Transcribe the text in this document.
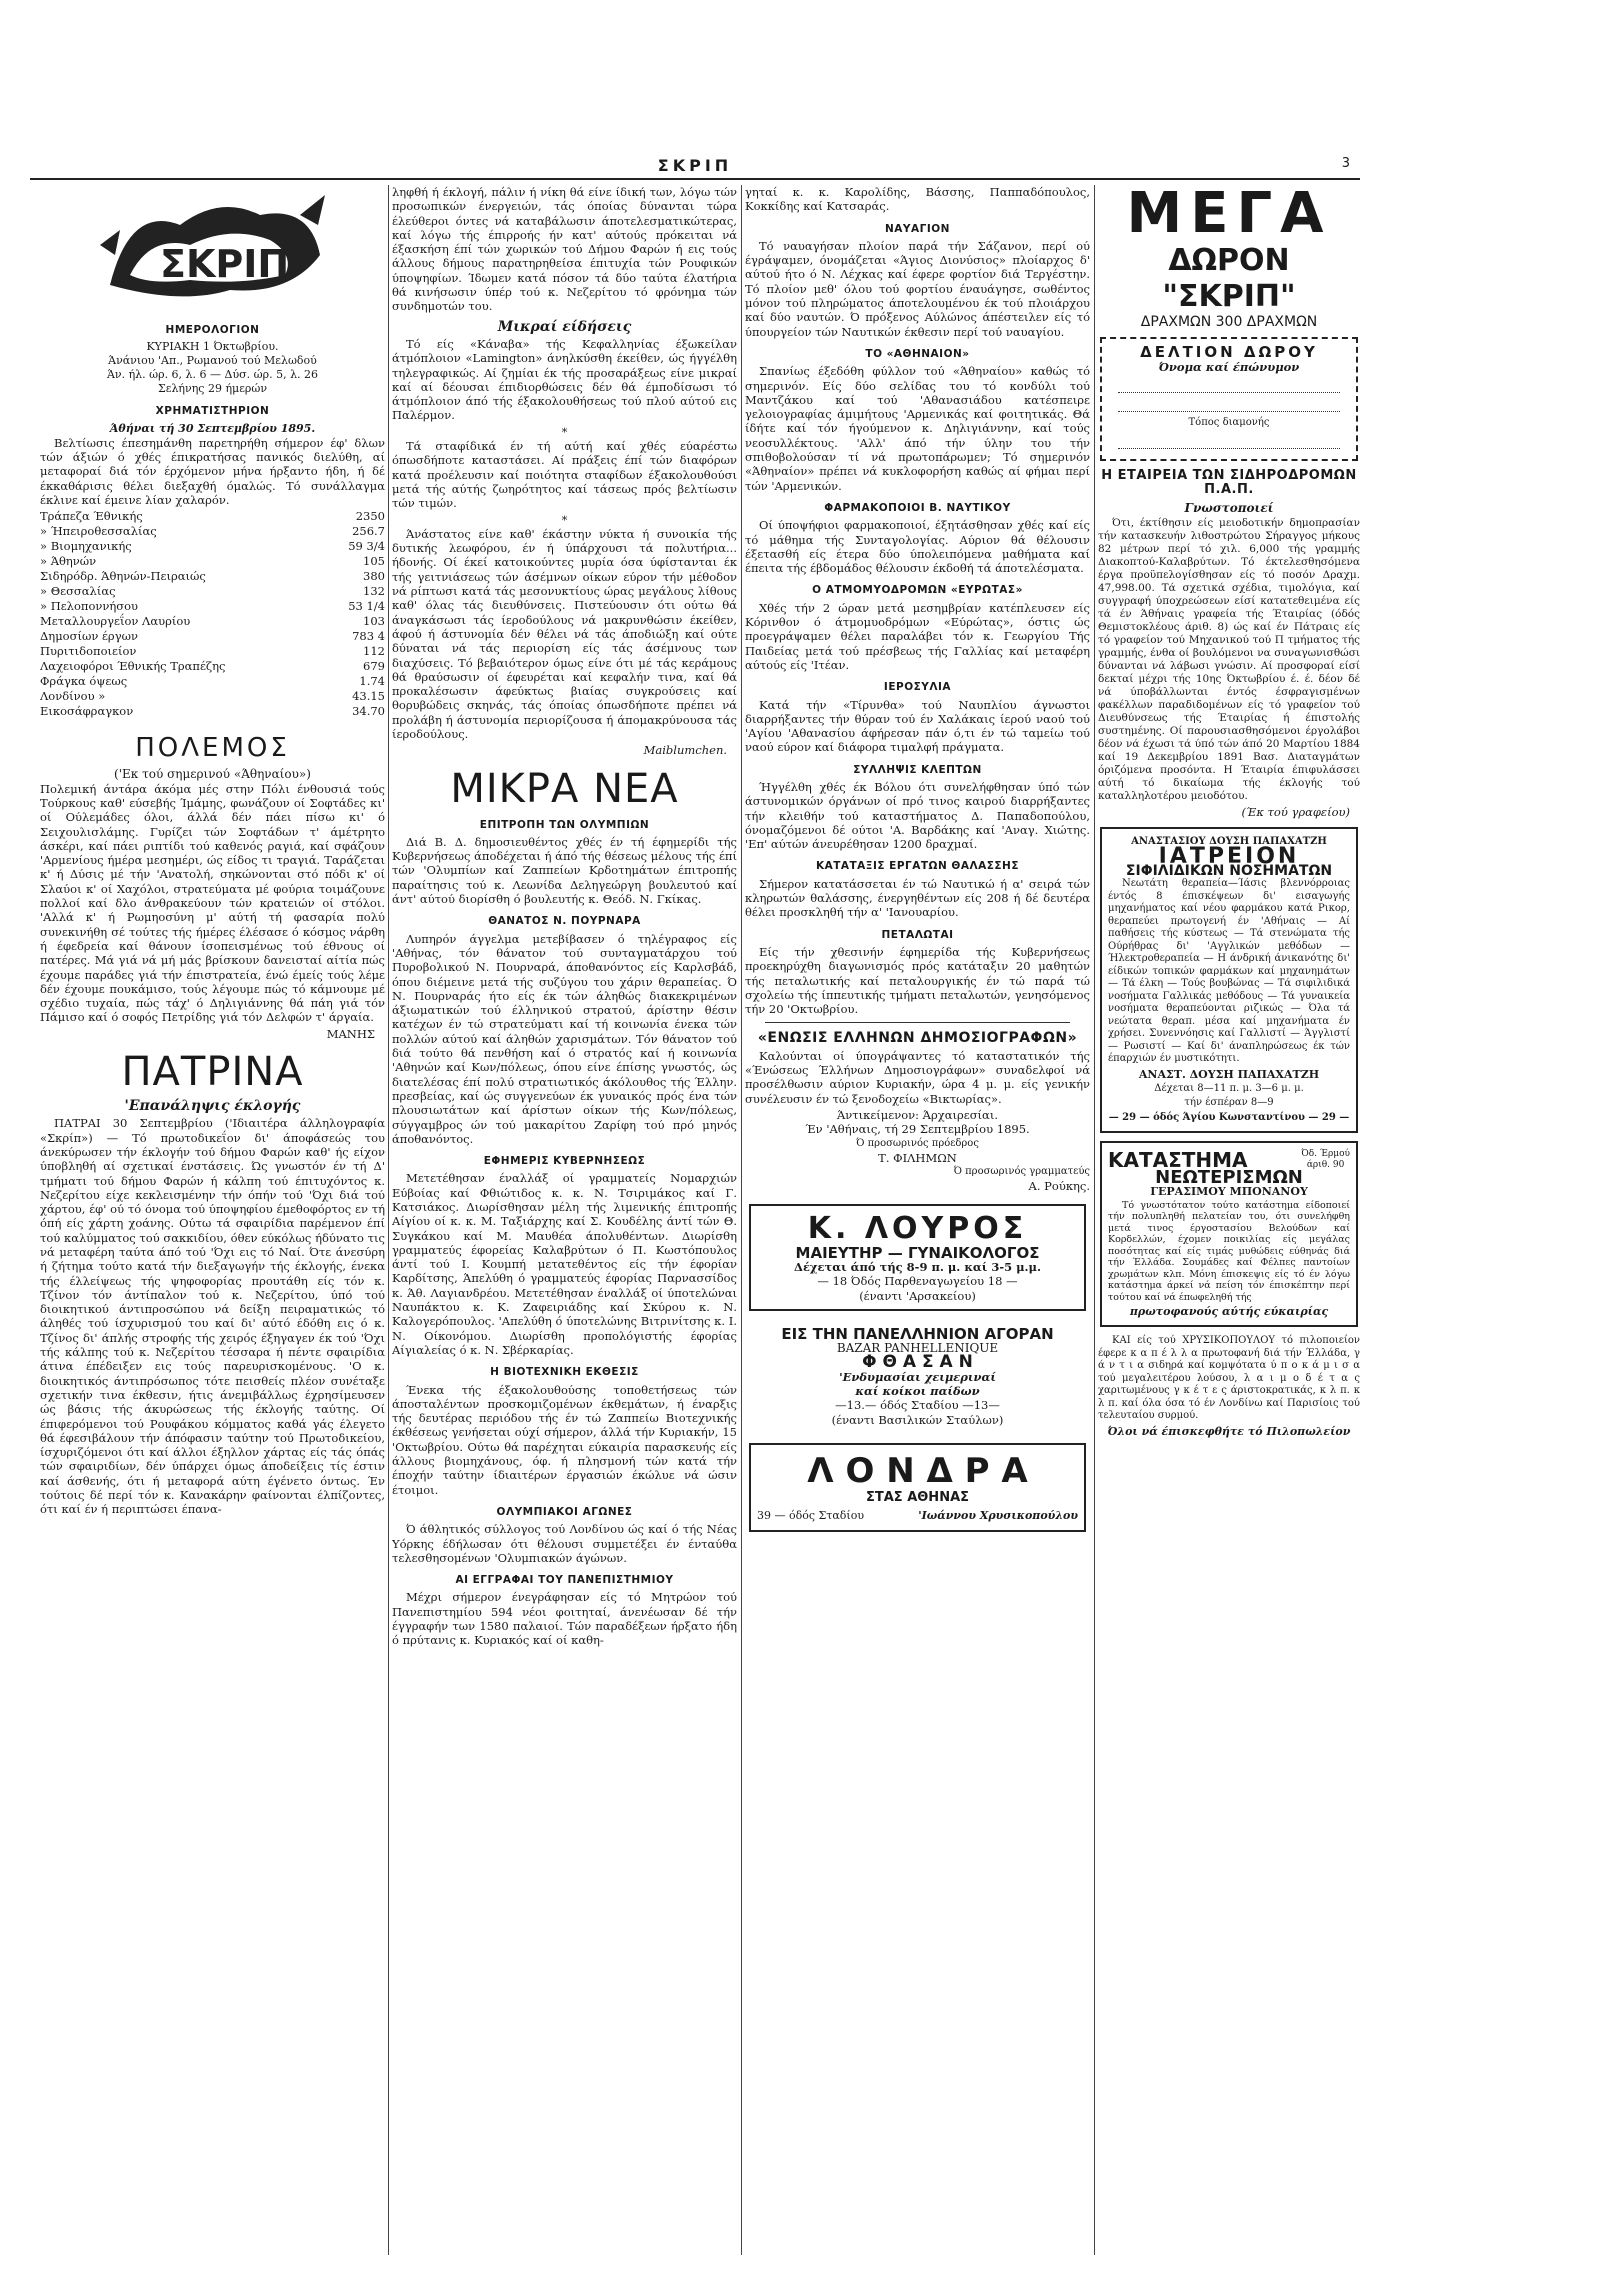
ΣΚΡΙΠ	3
ΣΚΡΙΠ
ΗΜΕΡΟΛΟΓΙΟΝ
ΚΥΡΙΑΚΗ 1 Όκτωβρίου.
Άνάνιου 'Απ., Ρωμανού τού Μελωδού
Άν. ήλ. ώρ. 6, λ. 6 — Δύσ. ώρ. 5, λ. 26
Σελήνης 29 ήμερών
ΧΡΗΜΑΤΙΣΤΗΡΙΟΝ
Άθήναι τή 30 Σεπτεμβρίου 1895.

Βελτίωσις έπεσημάνθη παρετηρήθη σήμερον έφ' δλων τών άξιών ό χθές έπικρατήσας πανικός διελύθη, αί μεταφοραί διά τόν έρχόμενον μήνα ήρξαντο ήδη, ή δέ έκκαθάρισις θέλει διεξαχθή όμαλώς. Τό συνάλλαγμα έκλινε καί έμεινε λίαν χαλαρόν.

Τράπεζα Έθνικής	2350
» Ήπειροθεσσαλίας	256.7
» Βιομηχανικής	59 3/4
» Άθηνών	105
Σιδηρόδρ. Άθηνών-Πειραιώς	380
» Θεσσαλίας	132
» Πελοποννήσου	53 1/4
Μεταλλουργεΐον Λαυρίου	103
Δημοσίων έργων	783 4
Πυριτιδοποιείον	112
Λαχειοφόροι Έθνικής Τραπέζης	679
Φράγκα όψεως	1.74
Λονδίνου »	43.15
Εικοσάφραγκον	34.70
ΠΟΛΕΜΟΣ
('Εκ τού σημερινού «Άθηναίου»)

Πολεμική άντάρα άκόμα μές στην Πόλι ένθουσιά τούς Τούρκους καθ' εύσεβής Ίμάμης, φωνάζουν οί Σοφτάδες κι' οί Ούλεμάδες όλοι, άλλά δέν πάει πίσω κι' ό Σειχουλισλάμης. Γυρίζει τών Σοφτάδων τ' άμέτρητο άσκέρι, καί πάει ριπτίδι τού καθενός ραγιά, καί σφάζουν 'Αρμενίους ήμέρα μεσημέρι, ώς είδος τι τραγιά. Ταράζεται κ' ή Δύσις μέ τήν 'Ανατολή, σηκώνονται στό πόδι κ' οί Σλαύοι κ' οί Χαχόλοι, στρατεύματα μέ φούρια τοιμάζουνε πολλοί καί δλο άνθρακεύουν τών κρατειών οί στόλοι. 'Αλλά κ' ή Ρωμηοσύνη μ' αύτή τή φασαρία πολύ συνεκινήθη σέ τούτες τής ήμέρες έλέσασε ό κόσμος νάρθη ή έφεδρεία καί θάνουν ίσοπεισμένως τού έθνους οί πατέρες. Μά γιά νά μή μάς βρίσκουν δανεισταί αίτία πώς έχουμε παράδες γιά τήν έπιστρατεία, ένώ έμείς τούς λέμε δέν έχουμε πουκάμισο, τούς λέγουμε πώς τό κάμνουμε μέ σχέδιο τυχαία, πώς τάχ' ό Δηλιγιάννης θά πάη γιά τόν Πάμισο καί ό σοφός Πετρίδης γιά τόν Δελφών τ' άργαία.

ΜΑΝΗΣ
ΠΑΤΡΙΝΑ
'Επανάληψις έκλογής

ΠΑΤΡΑΙ 30 Σεπτεμβρίου ('Ιδιαιτέρα άλληλογραφία «Σκρίπ») — Τό πρωτοδικεΐον δι' άποφάσεώς του άνεκύρωσεν τήν έκλογήν τού δήμου Φαρών καθ' ής είχον ύποβληθή αί σχετικαί ένστάσεις. Ώς γνωστόν έν τή Δ' τμήματι τού δήμου Φαρών ή κάλπη τού έπιτυχόντος κ. Νεζερίτου είχε κεκλεισμένην τήν όπήν τού 'Όχι διά τού χάρτου, έφ' ού τό όνομα τού ύποψηφίου έμεθοφόρτος εν τή όπή είς χάρτη χοάνης. Ούτω τά σφαιρίδια παρέμενον έπί τού καλύμματος τού σακκιδίου, όθεν εύκόλως ήδύνατο τις νά μεταφέρη ταύτα άπό τού 'Όχι εις τό Ναί. Ότε άνεσύρη ή ζήτημα τούτο κατά τήν διεξαγωγήν τής έκλογής, ένεκα τής έλλείψεως τής ψηφοφορίας προυτάθη είς τόν κ. Τζίνον τόν άντίπαλον τού κ. Νεζερίτου, ύπό τού διοικητικού άντιπροσώπου νά δείξη πειραματικώς τό άληθές τού ίσχυρισμού του καί δι' αύτό έδόθη εις ό κ. Τζίνος δι' άπλής στροφής τής χειρός έξηγαγεν έκ τού 'Όχι τής κάλπης τού κ. Νεζερίτου τέσσαρα ή πέντε σφαιρίδια άτινα έπέδειξεν εις τούς παρευρισκομένους. 'Ο κ. διοικητικός άντιπρόσωπος τότε πεισθείς πλέον συνέταξε σχετικήν τινα έκθεσιν, ήτις άνεμιβάλλως έχρησίμευσεν ώς βάσις τής άκυρώσεως τής έκλογής ταύτης. Οί έπιφερόμενοι τού Ρουφάκου κόμματος καθά γάς έλεγετο θά έφεσιβάλουν τήν άπόφασιν ταύτην τού Πρωτοδικείου, ίσχυριζόμενοι ότι καί άλλοι έξηλλον χάρτας είς τάς όπάς τών σφαιριδίων, δέν ύπάρχει όμως άποδείξεις τίς έστιν καί άσθενής, ότι ή μεταφορά αύτη έγένετο όντως. Έν τούτοις δέ περί τόν κ. Κανακάρην φαίνονται έλπίζοντες, ότι καί έν ή περιπτώσει έπανα-

ληφθή ή έκλογή, πάλιν ή νίκη θά είνε ίδική των, λόγω τών προσωπικών ένεργειών, τάς όποίας δύνανται τώρα έλεύθεροι όντες νά καταβάλωσιν άποτελεσματικώτερας, καί λόγω τής έπιρροής ήν κατ' αύτούς πρόκειται νά έξασκήση έπί τών χωρικών τού Δήμου Φαρών ή εις τούς άλλους δήμους παρατηρηθείσα έπιτυχία τών Ρουφικών ύποψηφίων. Ίδωμεν κατά πόσον τά δύο ταύτα έλατήρια θά κινήσωσιν ύπέρ τού κ. Νεζερίτου τό φρόνημα τών συνδημοτών του.

Μικραί είδήσεις

Τό είς «Κάναβα» τής Κεφαλληνίας έξωκείλαν άτμόπλοιον «Lamington» άνηλκύσθη έκείθεν, ώς ήγγέλθη τηλεγραφικώς. Αί ζημίαι έκ τής προσαράξεως είνε μικραί καί αί δέουσαι έπιδιορθώσεις δέν θά έμποδίσωσι τό άτμόπλοιον άπό τής έξακολουθήσεως τού πλού αύτού εις Παλέρμον.

*

Τά σταφίδικά έν τή αύτή καί χθές εύαρέστω όπωσδήποτε καταστάσει. Αί πράξεις έπί τών διαφόρων κατά προέλευσιν καί ποιότητα σταφίδων έξακολουθούσι μετά τής αύτής ζωηρότητος καί τάσεως πρός βελτίωσιν τών τιμών.

*

Άνάστατος είνε καθ' έκάστην νύκτα ή συνοικία τής δυτικής λεωφόρου, έν ή ύπάρχουσι τά πολυτήρια... ήδονής. Οί έκεί κατοικούντες μυρία όσα ύφίστανται έκ τής γειτνιάσεως τών άσέμνων οίκων εύρον τήν μέθοδον νά ρίπτωσι κατά τάς μεσονυκτίους ώρας μεγάλους λίθους καθ' όλας τάς διευθύνσεις. Πιστεύουσιν ότι ούτω θά άναγκάσωσι τάς ίεροδούλους νά μακρυνθώσιν έκείθεν, άφού ή άστυνομία δέν θέλει νά τάς άποδιώξη καί ούτε δύναται νά τάς περιορίση είς τάς άσέμνους των διαχύσεις. Τό βεβαιότερον όμως είνε ότι μέ τάς κεράμους θά θραύσωσιν οί έφευρέται καί κεφαλήν τινα, καί θά προκαλέσωσιν άφεύκτως βιαίας συγκρούσεις καί θορυβώδεις σκηνάς, τάς όποίας όπωσδήποτε πρέπει νά προλάβη ή άστυνομία περιορίζουσα ή άπομακρύνουσα τάς ίεροδούλους.

Maiblumchen.
ΜΙΚΡΑ ΝΕΑ
ΕΠΙΤΡΟΠΗ ΤΩΝ ΟΛΥΜΠΙΩΝ

Διά Β. Δ. δημοσιευθέντος χθές έν τή έφημερίδι τής Κυβερνήσεως άποδέχεται ή άπό τής θέσεως μέλους τής έπί τών 'Ολυμπίων καί Ζαππείων Κρδοτημάτων έπιτροπής παραίτησις τού κ. Λεωνίδα Δεληγεώργη βουλευτού καί άντ' αύτού διορίσθη ό βουλευτής κ. Θεόδ. Ν. Γκίκας.

ΘΑΝΑΤΟΣ Ν. ΠΟΥΡΝΑΡΑ

Λυπηρόν άγγελμα μετεβίβασεν ό τηλέγραφος είς 'Αθήνας, τόν θάνατον τού συνταγματάρχου τού Πυροβολικού Ν. Πουρναρά, άποθανόντος είς Καρλσβάδ, όπου διέμεινε μετά τής συζύγου του χάριν θεραπείας. Ό Ν. Πουρναράς ήτο είς έκ τών άληθώς διακεκριμένων άξιωματικών τού έλληνικού στρατού, άρίστην θέσιν κατέχων έν τώ στρατεύματι καί τή κοινωνία ένεκα τών πολλών αύτού καί άληθών χαρισμάτων. Τόν θάνατον τού διά τούτο θά πενθήση καί ό στρατός καί ή κοινωνία 'Αθηνών καί Κων/πόλεως, όπου είνε έπίσης γνωστός, ώς διατελέσας έπί πολύ στρατιωτικός άκόλουθος τής Έλλην. πρεσβείας, καί ώς συγγενεύων έκ γυναικός πρός ένα τών πλουσιωτάτων καί άρίστων οίκων τής Κων/πόλεως, σύγγαμβρος ών τού μακαρίτου Ζαρίφη τού πρό μηνός άποθανόντος.

ΕΦΗΜΕΡΙΣ ΚΥΒΕΡΝΗΣΕΩΣ

Μετετέθησαν έναλλάξ οί γραμματείς Νομαρχιών Εύβοίας καί Φθιώτιδος κ. κ. Ν. Τσιριμάκος καί Γ. Κατσιάκος. Διωρίσθησαν μέλη τής λιμενικής έπιτροπής Αίγίου οί κ. κ. Μ. Ταξιάρχης καί Σ. Κουδέλης άντί τών Θ. Συγκάκου καί Μ. Μαυθέα άπολυθέντων. Διωρίσθη γραμματεύς έφορείας Καλαβρύτων ό Π. Κωστόπουλος άντί τού Ι. Κουμπή μετατεθέντος είς τήν έφορίαν Καρδίτσης, Άπελύθη ό γραμματεύς έφορίας Παρνασσίδος κ. Άθ. Λαγιανδρέου. Μετετέθησαν έναλλάξ οί ύποτελώναι Ναυπάκτου κ. Κ. Ζαφειριάδης καί Σκύρου κ. Ν. Καλογερόπουλος. 'Απελύθη ό ύποτελώνης Βιτρινίτσης κ. Ι. Ν. Οίκονόμου. Διωρίσθη προπολόγιστής έφορίας Αίγιαλείας ό κ. Ν. Σβέρκαρίας.

Η ΒΙΟΤΕΧΝΙΚΗ ΕΚΘΕΣΙΣ

Ένεκα τής έξακολουθούσης τοποθετήσεως τών άποσταλέντων προσκομιζομένων έκθεμάτων, ή έναρξις τής δευτέρας περιόδου τής έν τώ Ζαππείω Βιοτεχνικής έκθέσεως γενήσεται ούχί σήμερον, άλλά τήν Κυριακήν, 15 'Οκτωβρίου. Ούτω θά παρέχηται εύκαιρία παρασκευής είς άλλους βιομηχάνους, όφ. ή πλησμονή τών κατά τήν έποχήν ταύτην ίδιαιτέρων έργασιών έκώλυε νά ώσιν έτοιμοι.

ΟΛΥΜΠΙΑΚΟΙ ΑΓΩΝΕΣ

Ό άθλητικός σύλλογος τού Λονδίνου ώς καί ό τής Νέας Υόρκης έδήλωσαν ότι θέλουσι συμμετέξει έν ένταύθα τελεσθησομένων 'Ολυμπιακών άγώνων.

ΑΙ ΕΓΓΡΑΦΑΙ ΤΟΥ ΠΑΝΕΠΙΣΤΗΜΙΟΥ

Μέχρι σήμερον ένεγράφησαν είς τό Μητρώον τού Πανεπιστημίου 594 νέοι φοιτηταί, άνενέωσαν δέ τήν έγγραφήν των 1580 παλαιοί. Τών παραδέξεων ήρξατο ήδη ό πρύτανις κ. Κυριακός καί οί καθη-

γηταί κ. κ. Καρολίδης, Βάσσης, Παππαδόπουλος, Κοκκίδης καί Κατσαράς.

ΝΑΥΑΓΙΟΝ

Τό ναυαγήσαν πλοίον παρά τήν Σάζανον, περί ού έγράψαμεν, όνομάζεται «Άγιος Διονύσιος» πλοίαρχος δ' αύτού ήτο ό Ν. Λέχκας καί έφερε φορτίον διά Τεργέστην. Τό πλοίον μεθ' όλου τού φορτίου έναυάγησε, σωθέντος μόνον τού πληρώματος άποτελουμένου έκ τού πλοιάρχου καί δύο ναυτών. Ό πρόξενος Αύλώνος άπέστειλεν είς τό ύπουργείον τών Ναυτικών έκθεσιν περί τού ναυαγίου.

ΤΟ «ΑΘΗΝΑΙΟΝ»

Σπανίως έξεδόθη φύλλον τού «Άθηναίου» καθώς τό σημερινόν. Είς δύο σελίδας του τό κονδύλι τού Μαντζάκου καί τού 'Αθανασιάδου κατέσπειρε γελοιογραφίας άμιμήτους 'Αρμενικάς καί φοιτητικάς. Θά ίδήτε καί τόν ήγούμενον κ. Δηλιγιάννην, καί τούς νεοσυλλέκτους. 'Αλλ' άπό τήν ύλην του τήν σπιθοβολούσαν τί νά πρωτοπάρωμεν; Τό σημερινόν «Άθηναίον» πρέπει νά κυκλοφορήση καθώς αί φήμαι περί τών 'Αρμενικών.

ΦΑΡΜΑΚΟΠΟΙΟΙ Β. ΝΑΥΤΙΚΟΥ

Οί ύποψήφιοι φαρμακοποιοί, έξητάσθησαν χθές καί είς τό μάθημα τής Συνταγολογίας. Αύριον θά θέλουσιν έξετασθή είς έτερα δύο ύπολειπόμενα μαθήματα καί έπειτα τής έβδομάδος θέλουσιν έκδοθή τά άποτελέσματα.

Ο ΑΤΜΟΜΥΟΔΡΟΜΩΝ «ΕΥΡΩΤΑΣ»

Χθές τήν 2 ώραν μετά μεσημβρίαν κατέπλευσεν είς Κόρινθον ό άτμομυοδρόμων «Εύρώτας», όστις ώς προεγράψαμεν θέλει παραλάβει τόν κ. Γεωργίου Τής Παιδείας μετά τού πρέσβεως τής Γαλλίας καί μεταφέρη αύτούς είς 'Ιτέαν.

ΙΕΡΟΣΥΛΙΑ

Κατά τήν «Τίρυνθα» τού Ναυπλίου άγνωστοι διαρρήξαντες τήν θύραν τού έν Χαλάκαις ίερού ναού τού 'Αγίου 'Αθανασίου άφήρεσαν πάν ό,τι έν τώ ταμείω τού ναού εύρον καί διάφορα τιμαλφή πράγματα.

ΣΥΛΛΗΨΙΣ ΚΛΕΠΤΩΝ

Ήγγέλθη χθές έκ Βόλου ότι συνελήφθησαν ύπό τών άστυνομικών όργάνων οί πρό τινος καιρού διαρρήξαντες τήν κλειθήν τού καταστήματος Δ. Παπαδοπούλου, όνομαζόμενοι δέ ούτοι 'Α. Βαρδάκης καί 'Αναγ. Χιώτης. 'Επ' αύτών άνευρέθησαν 1200 δραχμαί.

ΚΑΤΑΤΑΞΙΣ ΕΡΓΑΤΩΝ ΘΑΛΑΣΣΗΣ

Σήμερον κατατάσσεται έν τώ Ναυτικώ ή α' σειρά τών κληρωτών θαλάσσης, ένεργηθέντων είς 208 ή δέ δευτέρα θέλει προσκληθή τήν α' 'Ιανουαρίου.

ΠΕΤΑΛΩΤΑΙ

Είς τήν χθεσινήν έφημερίδα τής Κυβερνήσεως προεκηρύχθη διαγωνισμός πρός κατάταξιν 20 μαθητών τής πεταλωτικής καί πεταλουργικής έν τώ παρά τώ σχολείω τής ίππευτικής τμήματι πεταλωτών, γενησόμενος τήν 20 'Οκτωβρίου.

«ΕΝΩΣΙΣ ΕΛΛΗΝΩΝ ΔΗΜΟΣΙΟΓΡΑΦΩΝ»

Καλούνται οί ύπογράψαντες τό καταστατικόν τής «Ένώσεως Έλλήνων Δημοσιογράφων» συναδελφοί νά προσέλθωσιν αύριον Κυριακήν, ώρα 4 μ. μ. είς γενικήν συνέλευσιν έν τώ ξενοδοχείω «Βικτωρίας».

Άντικείμενον: Άρχαιρεσίαι.
Έν 'Αθήναις, τή 29 Σεπτεμβρίου 1895.
Ό προσωρινός πρόεδρος
Τ. ΦΙΛΗΜΩΝ
Ό προσωρινός γραμματεύς
Α. Ρούκης.
Κ. ΛΟΥΡΟΣ
ΜΑΙΕΥΤΗΡ — ΓΥΝΑΙΚΟΛΟΓΟΣ
Δέχεται άπό τής 8-9 π. μ. καί 3-5 μ.μ.
— 18 Όδός Παρθεναγωγείου 18 —
(έναντι 'Αρσακείου)
ΕΙΣ ΤΗΝ ΠΑΝΕΛΛΗΝΙΟΝ ΑΓΟΡΑΝ
BAZAR PANHELLENIQUE
Φ Θ Α Σ Α Ν
'Ενδυμασίαι χειμεριναί
καί κοίκοι παίδων
—13.— όδός Σταδίου —13—
(έναντι Βασιλικών Σταύλων)
Λ Ο Ν Δ Ρ Α
ΣΤΑΣ ΑΘΗΝΑΣ
39 — όδός Σταδίου	'Ιωάννου Χρυσικοπούλου
ΜΕΓΑ
ΔΩΡΟΝ "ΣΚΡΙΠ"
ΔΡΑΧΜΩΝ 300 ΔΡΑΧΜΩΝ
ΔΕΛΤΙΟΝ ΔΩΡΟΥ
Όνομα καί έπώνυμον
Τόπος διαμονής
Η ΕΤΑΙΡΕΙΑ ΤΩΝ ΣΙΔΗΡΟΔΡΟΜΩΝ Π.Α.Π.
Γνωστοποιεί

Ότι, έκτίθησιν είς μειοδοτικήν δημοπρασίαν τήν κατασκευήν λιθοστρώτου Σήραγγος μήκους 82 μέτρων περί τό χιλ. 6,000 τής γραμμής Διακοπτού-Καλαβρύτων. Τό έκτελεσθησόμενα έργα προϋπελογίσθησαν είς τό ποσόν Δραχμ. 47,998.00. Τά σχετικά σχέδια, τιμολόγια, καί συγγραφή ύποχρεώσεων είσί κατατεθειμένα είς τά έν Άθήναις γραφεία τής Έταιρίας (όδός Θεμιστοκλέους άριθ. 8) ώς καί έν Πάτραις είς τό γραφείον τού Μηχανικού τού Π τμήματος τής γραμμής, ένθα οί βουλόμενοι να συναγωνισθώσι δύνανται νά λάβωσι γνώσιν. Αί προσφοραί είσί δεκταί μέχρι τής 10ης Όκτωβρίου έ. έ. δέον δέ νά ύποβάλλωνται έντός έσφραγισμένων φακέλλων παραδιδομένων είς τό γραφείον τού Διευθύνσεως τής Έταιρίας ή έπιστολής συστημένης. Οί παρουσιασθησόμενοι έργολάβοι δέον νά έχωσι τά ύπό τών άπό 20 Μαρτίου 1884 καί 19 Δεκεμβρίου 1891 Βασ. Διαταγμάτων όριζόμενα προσόντα. Η Έταιρία έπιφυλάσσει αύτή τό δικαίωμα τής έκλογής τού καταλληλοτέρου μειοδότου.

(Έκ τού γραφείου)
ΑΝΑΣΤΑΣΙΟΥ ΔΟΥΣΗ ΠΑΠΑΧΑΤΖΗ
ΙΑΤΡΕΙΟΝ
ΣΙΦΙΛΙΔΙΚΩΝ ΝΟΣΗΜΑΤΩΝ

Νεωτάτη θεραπεία—Ίάσις βλεννόρροιας έντός 8 έπισκέψεων δι' εισαγωγής μηχανήματος καί νέου φαρμάκου κατά Ρικορ, θεραπεύει πρωτογενή έν 'Αθήναις — Αί παθήσεις τής κύστεως — Τά στενώματα τής Ούρήθρας δι' 'Αγγλικών μεθόδων — Ήλεκτροθεραπεία — Η άνδρική άνικανότης δι' είδικών τοπικών φαρμάκων καί μηχανημάτων — Τά έλκη — Τούς βουβώνας — Τά σιφιλιδικά νοσήματα Γαλλικάς μεθόδους — Τά γυναικεία νοσήματα θεραπεύονται ριζικώς — Όλα τά νεώτατα θεραπ. μέσα καί μηχανήματα έν χρήσει. Συνεννόησις καί Γαλλιστί — Άγγλιστί — Ρωσιστί — Καί δι' άναπληρώσεως έκ τών έπαρχιών έν μυστικότητι.

ΑΝΑΣΤ. ΔΟΥΣΗ ΠΑΠΑΧΑΤΖΗ
Δέχεται 8—11 π. μ. 3—6 μ. μ.
τήν έσπέραν 8—9
— 29 — όδός Άγίου Κωνσταντίνου — 29 —
ΚΑΤΑΣΤΗΜΑ	Όδ. Έρμού
άριθ. 90
ΝΕΩΤΕΡΙΣΜΩΝ
ΓΕΡΑΣΙΜΟΥ ΜΠΟΝΑΝΟΥ

Τό γνωστότατον τούτο κατάστημα είδοποιεί τήν πολυπληθή πελατείαν του, ότι συνελήφθη μετά τινος έργοστασίου Βελούδων καί Κορδελλών, έχομεν ποικιλίας είς μεγάλας ποσότητας καί είς τιμάς μυθώδεις εύθηνάς διά τήν Έλλάδα. Σουμάδες καί Φέλπες παντοίων χρωμάτων κλπ. Μόνη έπισκεψις είς τό έν λόγω κατάστημα άρκεί νά πείση τόν έπισκέπτην περί τούτου καί νά έπωφεληθή τής

πρωτοφανούς αύτής εύκαιρίας

ΚΑΙ είς τού ΧΡΥΣΙΚΟΠΟΥΛΟΥ τό πιλοποιείον έφερε κ α π έ λ λ α πρωτοφανή διά τήν Έλλάδα, γ ά ν τ ι α σιδηρά καί κομψότατα ύ π ο κ ά μ ι σ α τού μεγαλειτέρου λούσου, λ α ι μ ο δ έ τ α ς χαριτωμένους γ κ έ τ ε ς άριστοκρατικάς, κ λ π. κ λ π. καί όλα όσα τό έν Λονδίνω καί Παρισίοις τού τελευταίου συρμού.

Όλοι νά έπισκεφθήτε τό Πιλοπωλείον
